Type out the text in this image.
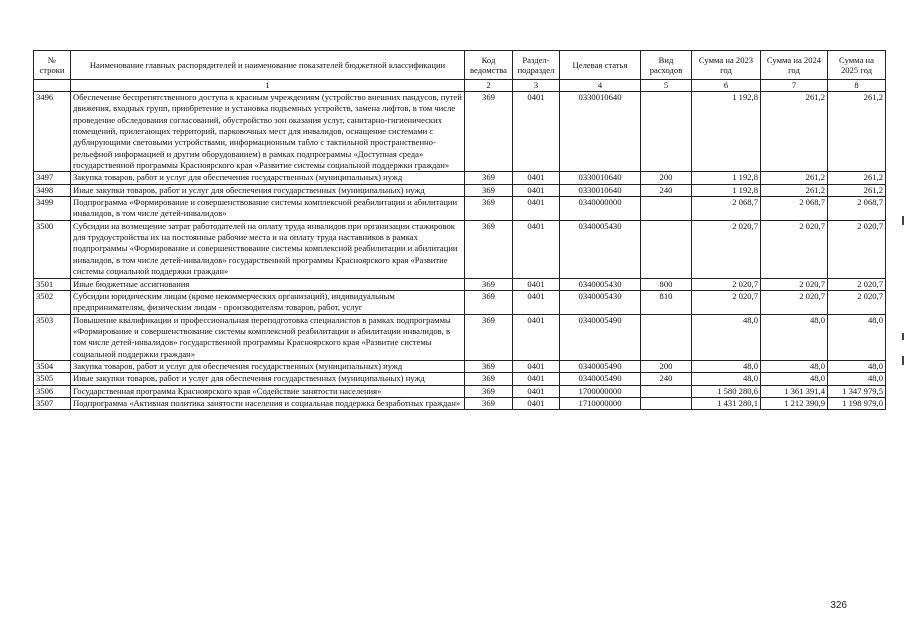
№ строки	Наименование главных распорядителей и наименование показателей бюджетной классификации	Код ведомства	Раздел-подраздел	Целевая статья	Вид расходов	Сумма на 2023 год	Сумма на 2024 год	Сумма на 2025 год
	1	2	3	4	5	6	7	8
3496	Обеспечение беспрепятственного доступа к красным учреждениям (устройство внешних пандусов, путей движения, входных групп, приобретение и установка подъемных устройств, замена лифтов, в том числе проведение обследования согласований, обустройство зон оказания услуг, санитарно-гигиенических помещений, прилегающих территорий, парковочных мест для инвалидов, оснащение системами с дублирующими световыми устройствами, информационным табло с тактильной пространственно-рельефной информацией и другим оборудованием) в рамках подпрограммы «Доступная среда» государственной программы Красноярского края «Развитие системы социальной поддержки граждан»	369	0401	0330010640		1 192,8	261,2	261,2
3497	Закупка товаров, работ и услуг для обеспечения государственных (муниципальных) нужд	369	0401	0330010640	200	1 192,8	261,2	261,2
3498	Иные закупки товаров, работ и услуг для обеспечения государственных (муниципальных) нужд	369	0401	0330010640	240	1 192,8	261,2	261,2
3499	Подпрограмма «Формирование и совершенствование системы комплексной реабилитации и абилитации инвалидов, в том числе детей-инвалидов»	369	0401	0340000000		2 068,7	2 068,7	2 068,7
3500	Субсидии на возмещение затрат работодателей на оплату труда инвалидов при организации стажировок для трудоустройства их на постоянные рабочие места и на оплату труда наставников в рамках подпрограммы «Формирование и совершенствование системы комплексной реабилитации и абилитации инвалидов, в том числе детей-инвалидов» государственной программы Красноярского края «Развитие системы социальной поддержки граждан»	369	0401	0340005430		2 020,7	2 020,7	2 020,7
3501	Иные бюджетные ассигнования	369	0401	0340005430	800	2 020,7	2 020,7	2 020,7
3502	Субсидии юридическим лицам (кроме некоммерческих организаций), индивидуальным предпринимателям, физическим лицам - производителям товаров, работ, услуг	369	0401	0340005430	810	2 020,7	2 020,7	2 020,7
3503	Повышение квалификации и профессиональная переподготовка специалистов в рамках подпрограммы «Формирование и совершенствование системы комплексной реабилитации и абилитации инвалидов, в том числе детей-инвалидов» государственной программы Красноярского края «Развитие системы социальной поддержки граждан»	369	0401	0340005490		48,0	48,0	48,0
3504	Закупка товаров, работ и услуг для обеспечения государственных (муниципальных) нужд	369	0401	0340005490	200	48,0	48,0	48,0
3505	Иные закупки товаров, работ и услуг для обеспечения государственных (муниципальных) нужд	369	0401	0340005490	240	48,0	48,0	48,0
3506	Государственная программа Красноярского края «Содействие занятости населения»	369	0401	1700000000		1 580 280,6	1 361 391,4	1 347 979,5
3507	Подпрограмма «Активная политика занятости населения и социальная поддержка безработных граждан»	369	0401	1710000000		1 431 280,1	1 212 390,9	1 198 979,0
326
